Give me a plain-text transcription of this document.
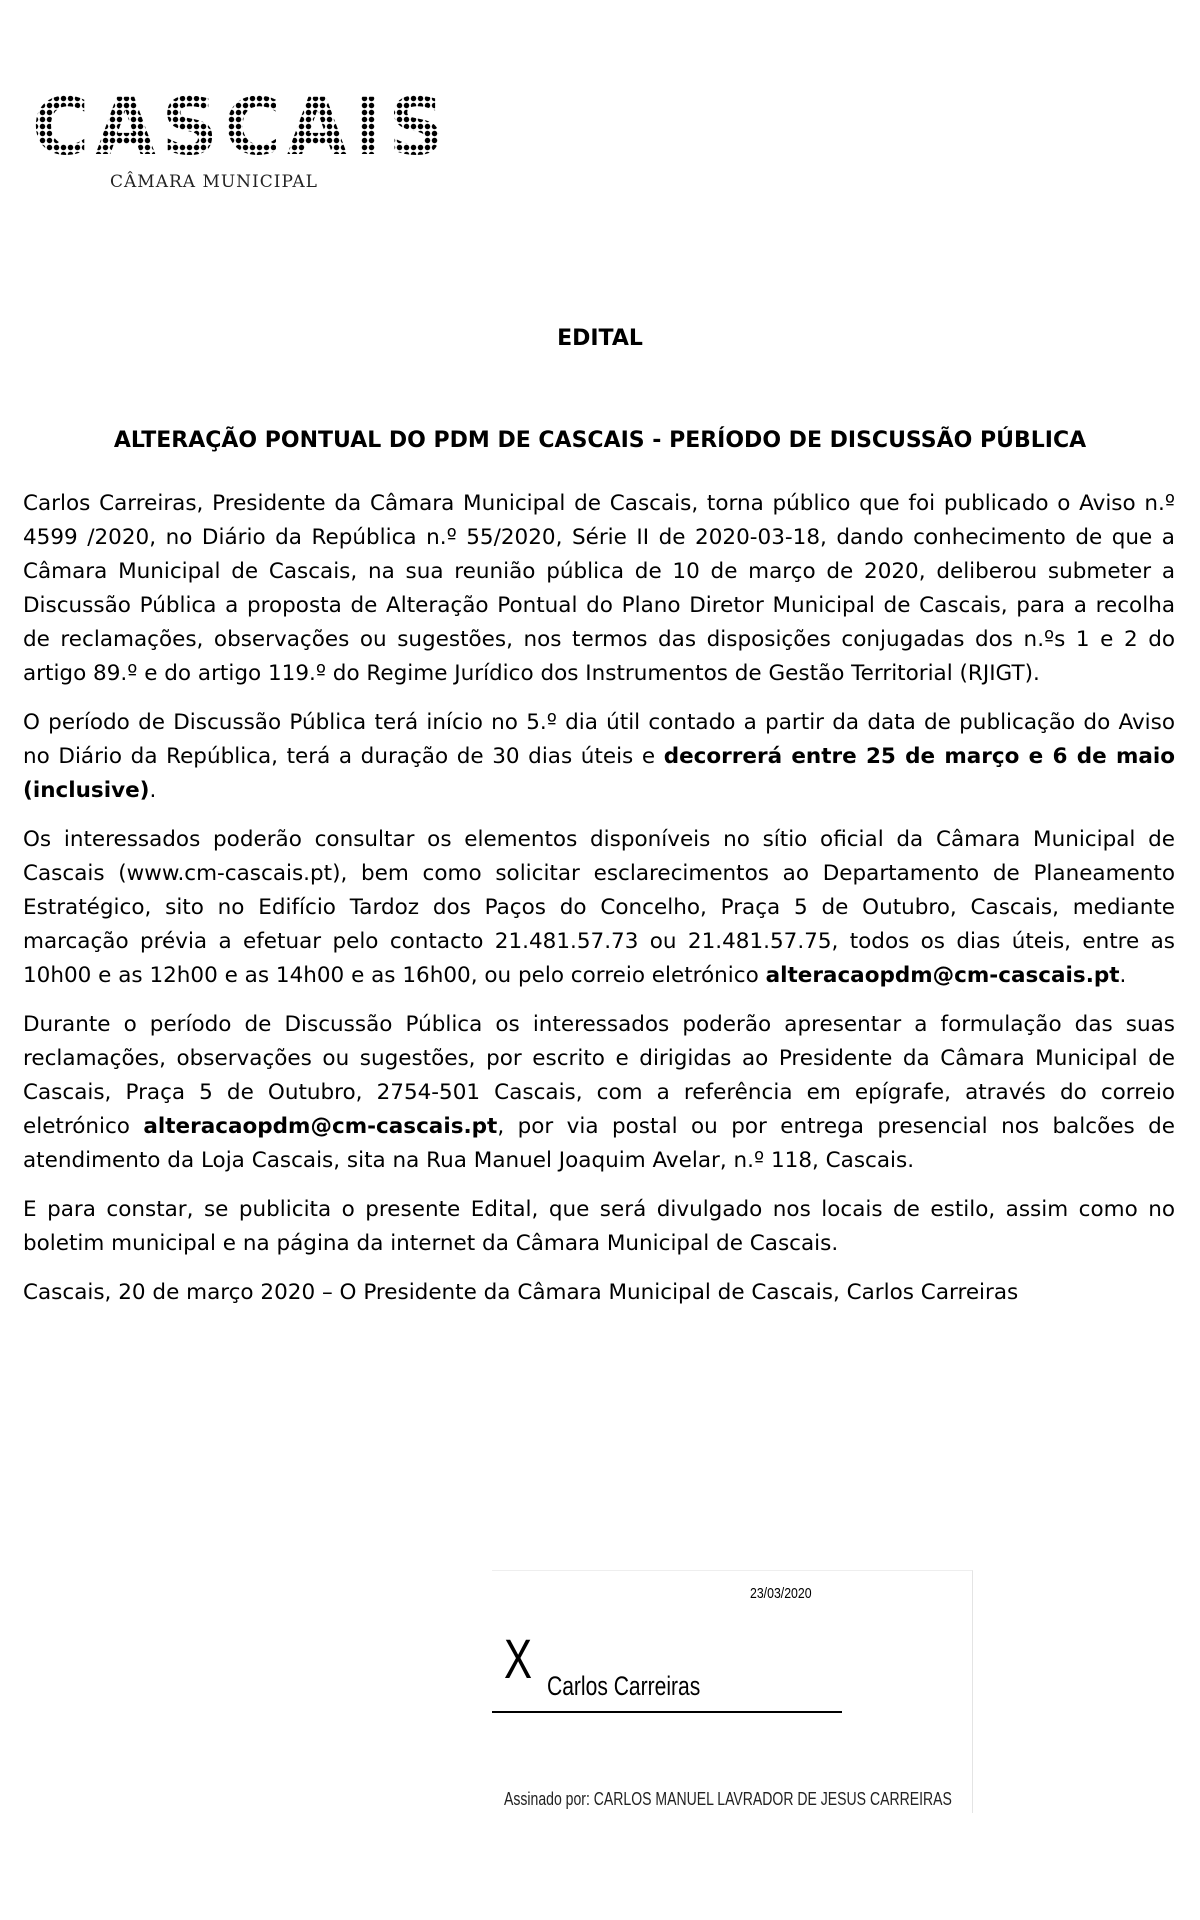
CASCAIS
CÂMARA MUNICIPAL
EDITAL
ALTERAÇÃO PONTUAL DO PDM DE CASCAIS - PERÍODO DE DISCUSSÃO PÚBLICA

Carlos Carreiras, Presidente da Câmara Municipal de Cascais, torna público que foi publicado o Aviso n.º 4599 /2020, no Diário da República n.º 55/2020, Série II de 2020-03-18, dando conhecimento de que a Câmara Municipal de Cascais, na sua reunião pública de 10 de março de 2020, deliberou submeter a Discussão Pública a proposta de Alteração Pontual do Plano Diretor Municipal de Cascais, para a recolha de reclamações, observações ou sugestões, nos termos das disposições conjugadas dos n.ºs 1 e 2 do artigo 89.º e do artigo 119.º do Regime Jurídico dos Instrumentos de Gestão Territorial (RJIGT).

O período de Discussão Pública terá início no 5.º dia útil contado a partir da data de publicação do Aviso no Diário da República, terá a duração de 30 dias úteis e decorrerá entre 25 de março e 6 de maio (inclusive).

Os interessados poderão consultar os elementos disponíveis no sítio oficial da Câmara Municipal de Cascais (www.cm-cascais.pt), bem como solicitar esclarecimentos ao Departamento de Planeamento Estratégico, sito no Edifício Tardoz dos Paços do Concelho, Praça 5 de Outubro, Cascais, mediante marcação prévia a efetuar pelo contacto 21.481.57.73 ou 21.481.57.75, todos os dias úteis, entre as 10h00 e as 12h00 e as 14h00 e as 16h00, ou pelo correio eletrónico alteracaopdm@cm-cascais.pt.

Durante o período de Discussão Pública os interessados poderão apresentar a formulação das suas reclamações, observações ou sugestões, por escrito e dirigidas ao Presidente da Câmara Municipal de Cascais, Praça 5 de Outubro, 2754-501 Cascais, com a referência em epígrafe, através do correio eletrónico alteracaopdm@cm-cascais.pt, por via postal ou por entrega presencial nos balcões de atendimento da Loja Cascais, sita na Rua Manuel Joaquim Avelar, n.º 118, Cascais.

E para constar, se publicita o presente Edital, que será divulgado nos locais de estilo, assim como no boletim municipal e na página da internet da Câmara Municipal de Cascais.

Cascais, 20 de março 2020 – O Presidente da Câmara Municipal de Cascais, Carlos Carreiras

23/03/2020
X Carlos Carreiras
Assinado por: CARLOS MANUEL LAVRADOR DE JESUS CARREIRAS
